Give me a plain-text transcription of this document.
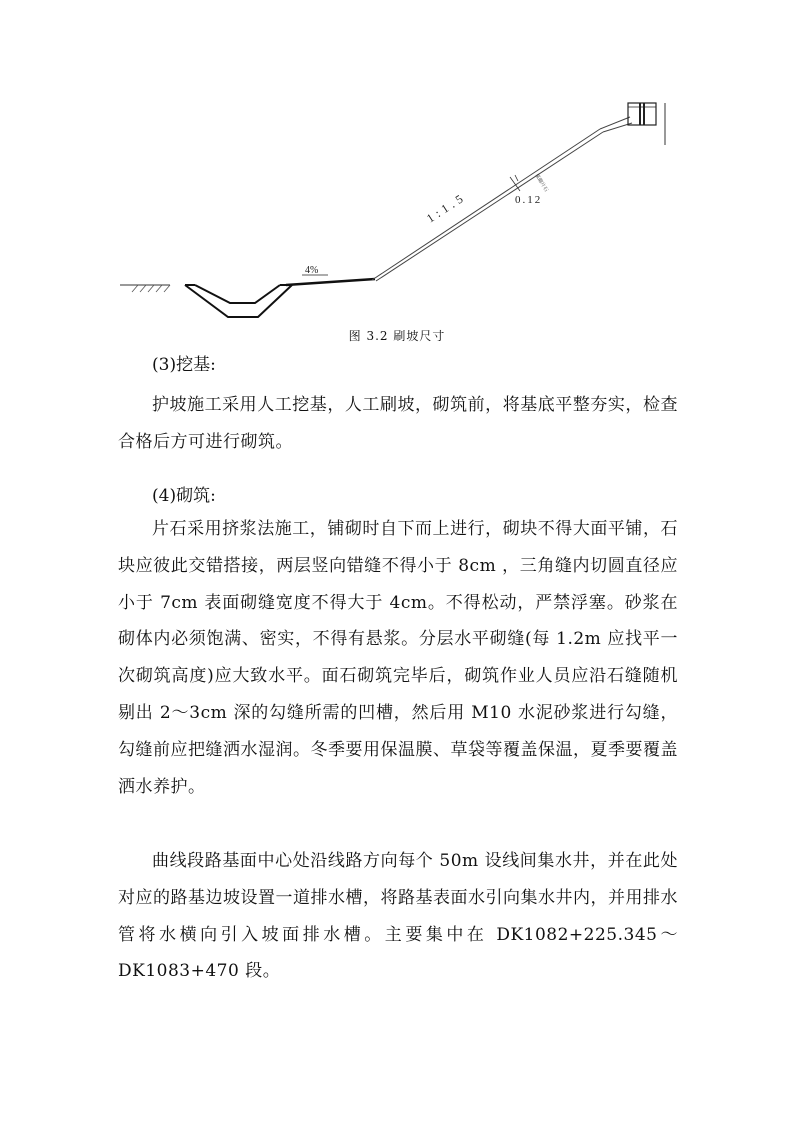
4%
1:1.5	0.12
浆砌片石
图 3.2 刷坡尺寸

(3)挖基:

护坡施工采用人工挖基，人工刷坡，砌筑前，将基底平整夯实，检查合格后方可进行砌筑。

(4)砌筑:

片石采用挤浆法施工，铺砌时自下而上进行，砌块不得大面平铺，石块应彼此交错搭接，两层竖向错缝不得小于 8cm ，三角缝内切圆直径应小于 7cm 表面砌缝宽度不得大于 4cm。不得松动，严禁浮塞。砂浆在砌体内必须饱满、密实，不得有悬浆。分层水平砌缝(每 1.2m 应找平一次砌筑高度)应大致水平。面石砌筑完毕后，砌筑作业人员应沿石缝随机剔出 2～3cm 深的勾缝所需的凹槽，然后用 M10 水泥砂浆进行勾缝，勾缝前应把缝洒水湿润。冬季要用保温膜、草袋等覆盖保温，夏季要覆盖洒水养护。

曲线段路基面中心处沿线路方向每个 50m 设线间集水井，并在此处对应的路基边坡设置一道排水槽，将路基表面水引向集水井内，并用排水管将水横向引入坡面排水槽。主要集中在 DK1082+225.345～DK1083+470 段。
